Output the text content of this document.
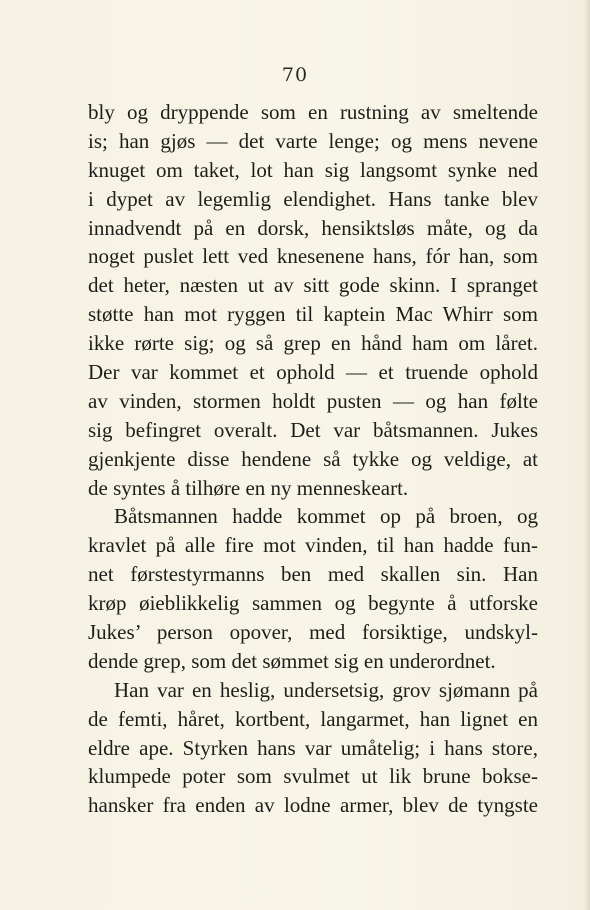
70
bly og dryppende som en rustning av smeltende
is; han gjøs — det varte lenge; og mens nevene
knuget om taket, lot han sig langsomt synke ned
i dypet av legemlig elendighet. Hans tanke blev
innadvendt på en dorsk, hensiktsløs måte, og da
noget puslet lett ved knesenene hans, fór han, som
det heter, næsten ut av sitt gode skinn. I spranget
støtte han mot ryggen til kaptein Mac Whirr som
ikke rørte sig; og så grep en hånd ham om låret.
Der var kommet et ophold — et truende ophold
av vinden, stormen holdt pusten — og han følte
sig befingret overalt. Det var båtsmannen. Jukes
gjenkjente disse hendene så tykke og veldige, at
de syntes å tilhøre en ny menneskeart.
Båtsmannen hadde kommet op på broen, og
kravlet på alle fire mot vinden, til han hadde fun-
net førstestyrmanns ben med skallen sin. Han
krøp øieblikkelig sammen og begynte å utforske
Jukes’ person opover, med forsiktige, undskyl-
dende grep, som det sømmet sig en underordnet.
Han var en heslig, undersetsig, grov sjømann på
de femti, håret, kortbent, langarmet, han lignet en
eldre ape. Styrken hans var umåtelig; i hans store,
klumpede poter som svulmet ut lik brune bokse-
hansker fra enden av lodne armer, blev de tyngste
